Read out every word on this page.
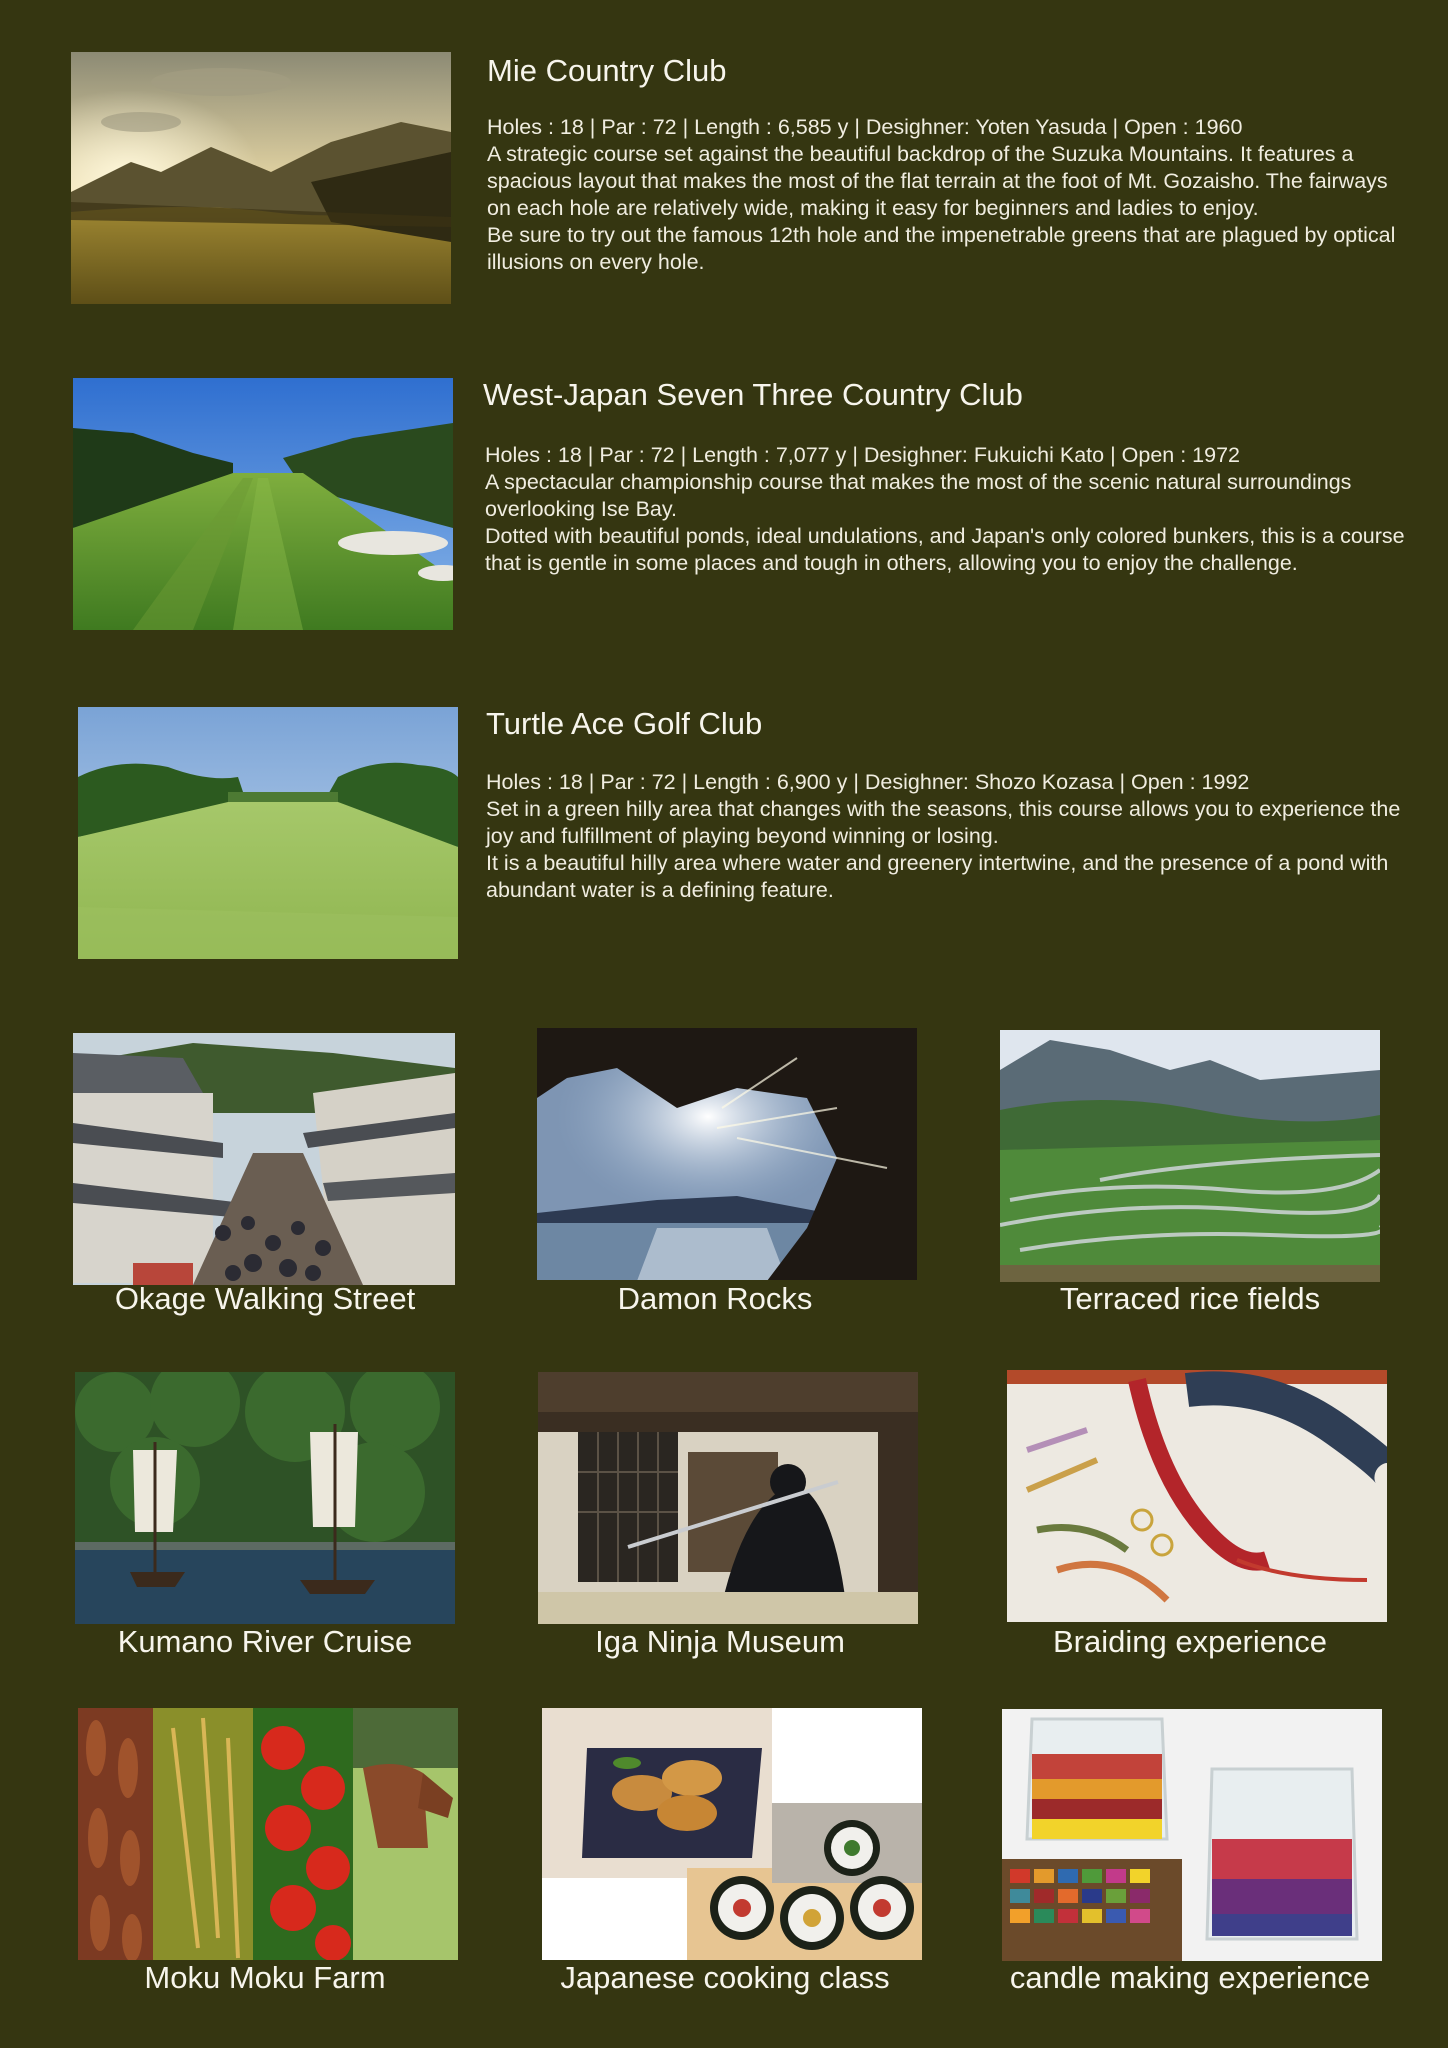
Mie Country Club

Holes : 18 | Par : 72 | Length : 6,585 y | Desighner: Yoten Yasuda | Open : 1960

A strategic course set against the beautiful backdrop of the Suzuka Mountains. It features a spacious layout that makes the most of the flat terrain at the foot of Mt. Gozaisho. The fairways on each hole are relatively wide, making it easy for beginners and ladies to enjoy.

Be sure to try out the famous 12th hole and the impenetrable greens that are plagued by optical illusions on every hole.

West-Japan Seven Three Country Club

Holes : 18 | Par : 72 | Length : 7,077 y | Desighner: Fukuichi Kato | Open : 1972

A spectacular championship course that makes the most of the scenic natural surroundings overlooking Ise Bay.

Dotted with beautiful ponds, ideal undulations, and Japan's only colored bunkers, this is a course that is gentle in some places and tough in others, allowing you to enjoy the challenge.

Turtle Ace Golf Club

Holes : 18 | Par : 72 | Length : 6,900 y | Desighner: Shozo Kozasa | Open : 1992

Set in a green hilly area that changes with the seasons, this course allows you to experience the joy and fulfillment of playing beyond winning or losing.

It is a beautiful hilly area where water and greenery intertwine, and the presence of a pond with abundant water is a defining feature.

Okage Walking Street	Damon Rocks	Terraced rice fields
Kumano River Cruise	Iga Ninja Museum	Braiding experience
Moku Moku Farm	Japanese cooking class	candle making experience
